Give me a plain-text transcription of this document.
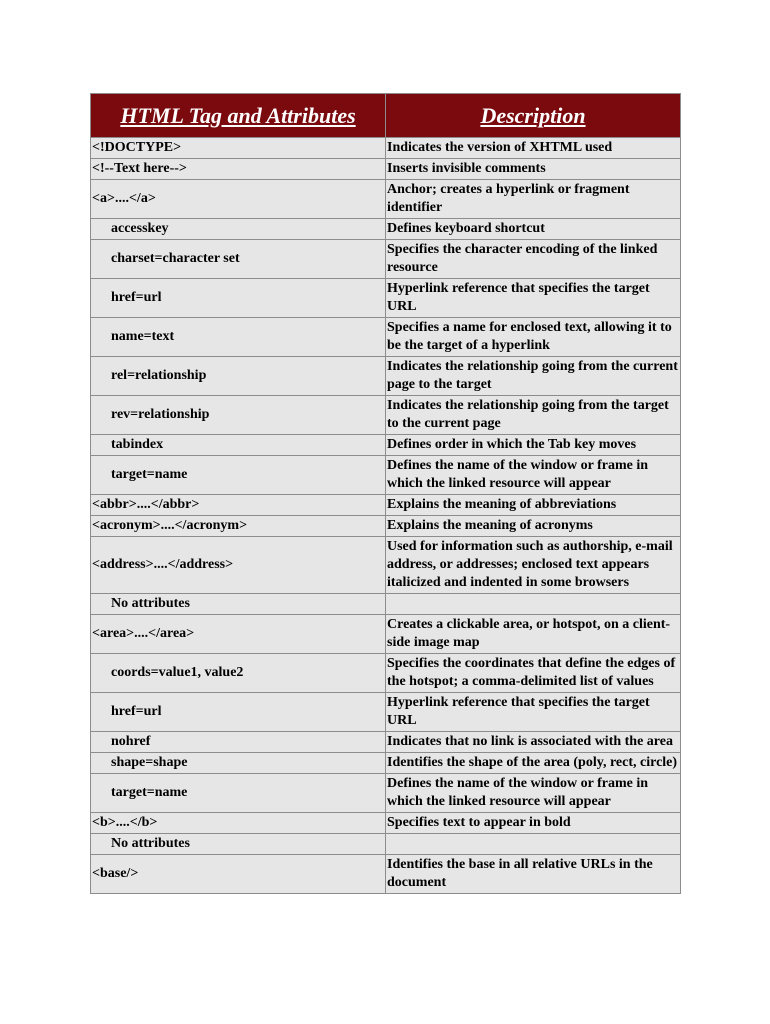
HTML Tag and Attributes	Description
<!DOCTYPE>	Indicates the version of XHTML used
<!--Text here-->	Inserts invisible comments
<a>....</a>	Anchor; creates a hyperlink or fragment identifier
accesskey	Defines keyboard shortcut
charset=character set	Specifies the character encoding of the linked resource
href=url	Hyperlink reference that specifies the target URL
name=text	Specifies a name for enclosed text, allowing it to be the target of a hyperlink
rel=relationship	Indicates the relationship going from the current page to the target
rev=relationship	Indicates the relationship going from the target to the current page
tabindex	Defines order in which the Tab key moves
target=name	Defines the name of the window or frame in which the linked resource will appear
<abbr>....</abbr>	Explains the meaning of abbreviations
<acronym>....</acronym>	Explains the meaning of acronyms
<address>....</address>	Used for information such as authorship, e-mail address, or addresses; enclosed text appears italicized and indented in some browsers
No attributes	
<area>....</area>	Creates a clickable area, or hotspot, on a client-side image map
coords=value1, value2	Specifies the coordinates that define the edges of the hotspot; a comma-delimited list of values
href=url	Hyperlink reference that specifies the target URL
nohref	Indicates that no link is associated with the area
shape=shape	Identifies the shape of the area (poly, rect, circle)
target=name	Defines the name of the window or frame in which the linked resource will appear
<b>....</b>	Specifies text to appear in bold
No attributes	
<base/>	Identifies the base in all relative URLs in the document
